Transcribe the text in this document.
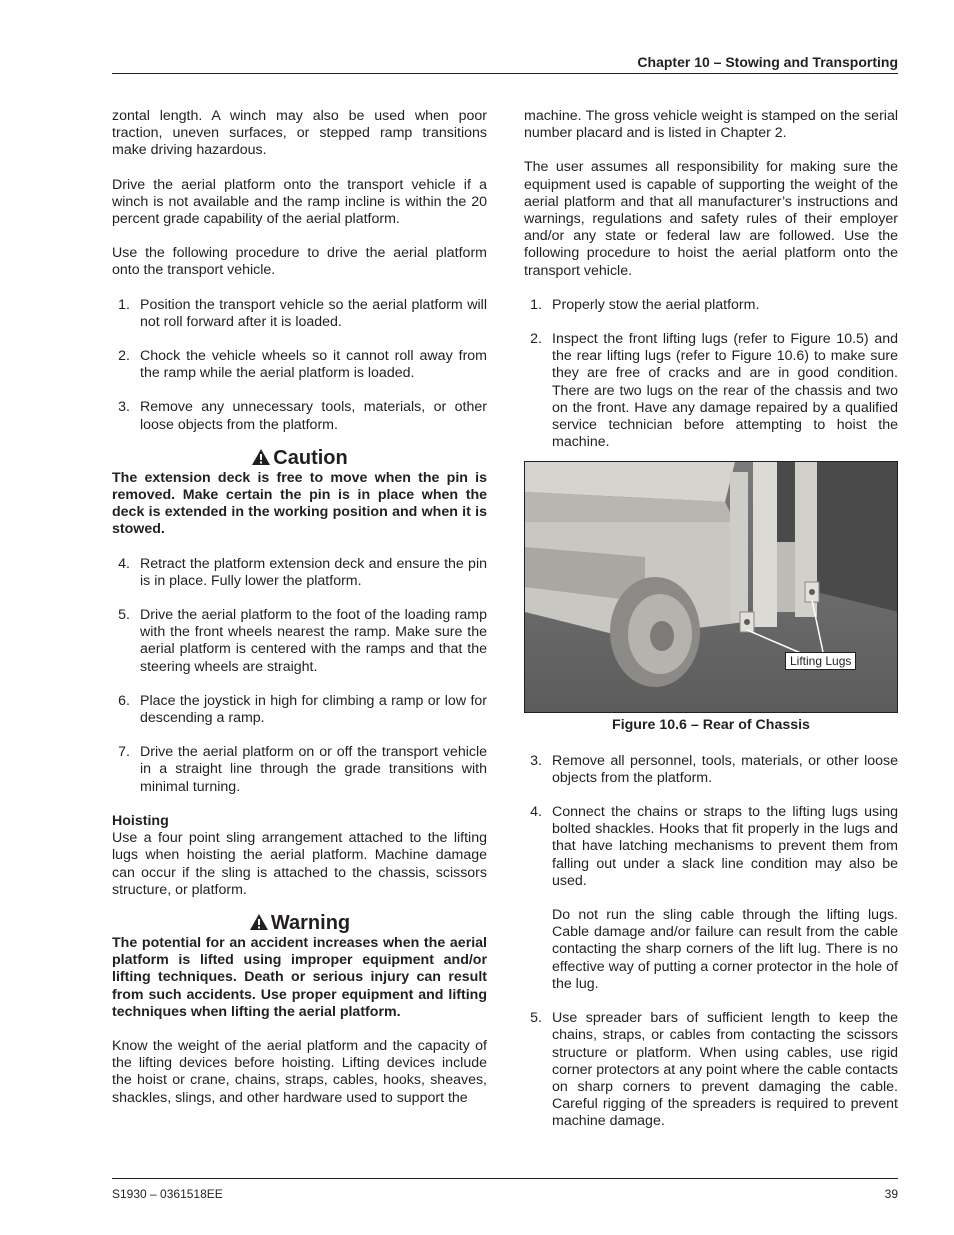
Chapter 10 – Stowing and Transporting

zontal length. A winch may also be used when poor traction, uneven surfaces, or stepped ramp transitions make driving hazardous.

Drive the aerial platform onto the transport vehicle if a winch is not available and the ramp incline is within the 20 percent grade capability of the aerial platform.

Use the following procedure to drive the aerial platform onto the transport vehicle.

1. Position the transport vehicle so the aerial platform will not roll forward after it is loaded.
2. Chock the vehicle wheels so it cannot roll away from the ramp while the aerial platform is loaded.
3. Remove any unnecessary tools, materials, or other loose objects from the platform.
Caution

The extension deck is free to move when the pin is removed. Make certain the pin is in place when the deck is extended in the working position and when it is stowed.

4. Retract the platform extension deck and ensure the pin is in place. Fully lower the platform.
5. Drive the aerial platform to the foot of the loading ramp with the front wheels nearest the ramp. Make sure the aerial platform is centered with the ramps and that the steering wheels are straight.
6. Place the joystick in high for climbing a ramp or low for descending a ramp.
7. Drive the aerial platform on or off the transport vehicle in a straight line through the grade transitions with minimal turning.

Hoisting

Use a four point sling arrangement attached to the lifting lugs when hoisting the aerial platform. Machine damage can occur if the sling is attached to the chassis, scissors structure, or platform.

Warning

The potential for an accident increases when the aerial platform is lifted using improper equipment and/or lifting techniques. Death or serious injury can result from such accidents. Use proper equipment and lifting techniques when lifting the aerial platform.

Know the weight of the aerial platform and the capacity of the lifting devices before hoisting. Lifting devices include the hoist or crane, chains, straps, cables, hooks, sheaves, shackles, slings, and other hardware used to support the

machine. The gross vehicle weight is stamped on the serial number placard and is listed in Chapter 2.

The user assumes all responsibility for making sure the equipment used is capable of supporting the weight of the aerial platform and that all manufacturer’s instructions and warnings, regulations and safety rules of their employer and/or any state or federal law are followed. Use the following procedure to hoist the aerial platform onto the transport vehicle.

1. Properly stow the aerial platform.
2. Inspect the front lifting lugs (refer to Figure 10.5) and the rear lifting lugs (refer to Figure 10.6) to make sure they are free of cracks and are in good condition. There are two lugs on the rear of the chassis and two on the front. Have any damage repaired by a qualified service technician before attempting to hoist the machine.
Lifting Lugs

Figure 10.6 – Rear of Chassis

3. Remove all personnel, tools, materials, or other loose objects from the platform.
4. Connect the chains or straps to the lifting lugs using bolted shackles. Hooks that fit properly in the lugs and that have latching mechanisms to prevent them from falling out under a slack line condition may also be used.

Do not run the sling cable through the lifting lugs. Cable damage and/or failure can result from the cable contacting the sharp corners of the lift lug. There is no effective way of putting a corner protector in the hole of the lug.

5. Use spreader bars of sufficient length to keep the chains, straps, or cables from contacting the scissors structure or platform. When using cables, use rigid corner protectors at any point where the cable contacts on sharp corners to prevent damaging the cable. Careful rigging of the spreaders is required to prevent machine damage.
S1930 – 0361518EE	39
